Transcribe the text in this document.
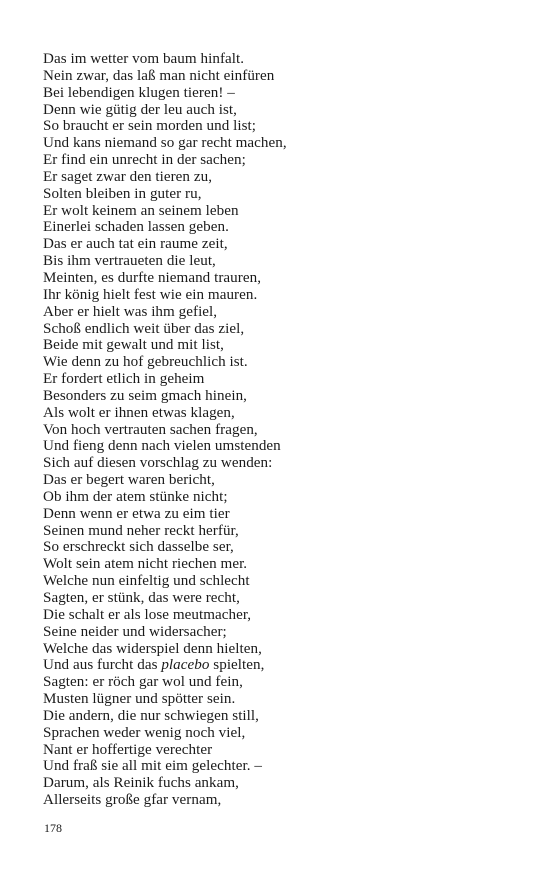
Das im wetter vom baum hinfalt.
Nein zwar, das laß man nicht einfüren
Bei lebendigen klugen tieren! –
Denn wie gütig der leu auch ist,
So braucht er sein morden und list;
Und kans niemand so gar recht machen,
Er find ein unrecht in der sachen;
Er saget zwar den tieren zu,
Solten bleiben in guter ru,
Er wolt keinem an seinem leben
Einerlei schaden lassen geben.
Das er auch tat ein raume zeit,
Bis ihm vertraueten die leut,
Meinten, es durfte niemand trauren,
Ihr könig hielt fest wie ein mauren.
Aber er hielt was ihm gefiel,
Schoß endlich weit über das ziel,
Beide mit gewalt und mit list,
Wie denn zu hof gebreuchlich ist.
Er fordert etlich in geheim
Besonders zu seim gmach hinein,
Als wolt er ihnen etwas klagen,
Von hoch vertrauten sachen fragen,
Und fieng denn nach vielen umstenden
Sich auf diesen vorschlag zu wenden:
Das er begert waren bericht,
Ob ihm der atem stünke nicht;
Denn wenn er etwa zu eim tier
Seinen mund neher reckt herfür,
So erschreckt sich dasselbe ser,
Wolt sein atem nicht riechen mer.
Welche nun einfeltig und schlecht
Sagten, er stünk, das were recht,
Die schalt er als lose meutmacher,
Seine neider und widersacher;
Welche das widerspiel denn hielten,
Und aus furcht das placebo spielten,
Sagten: er röch gar wol und fein,
Musten lügner und spötter sein.
Die andern, die nur schwiegen still,
Sprachen weder wenig noch viel,
Nant er hoffertige verechter
Und fraß sie all mit eim gelechter. –
Darum, als Reinik fuchs ankam,
Allerseits große gfar vernam,
178
